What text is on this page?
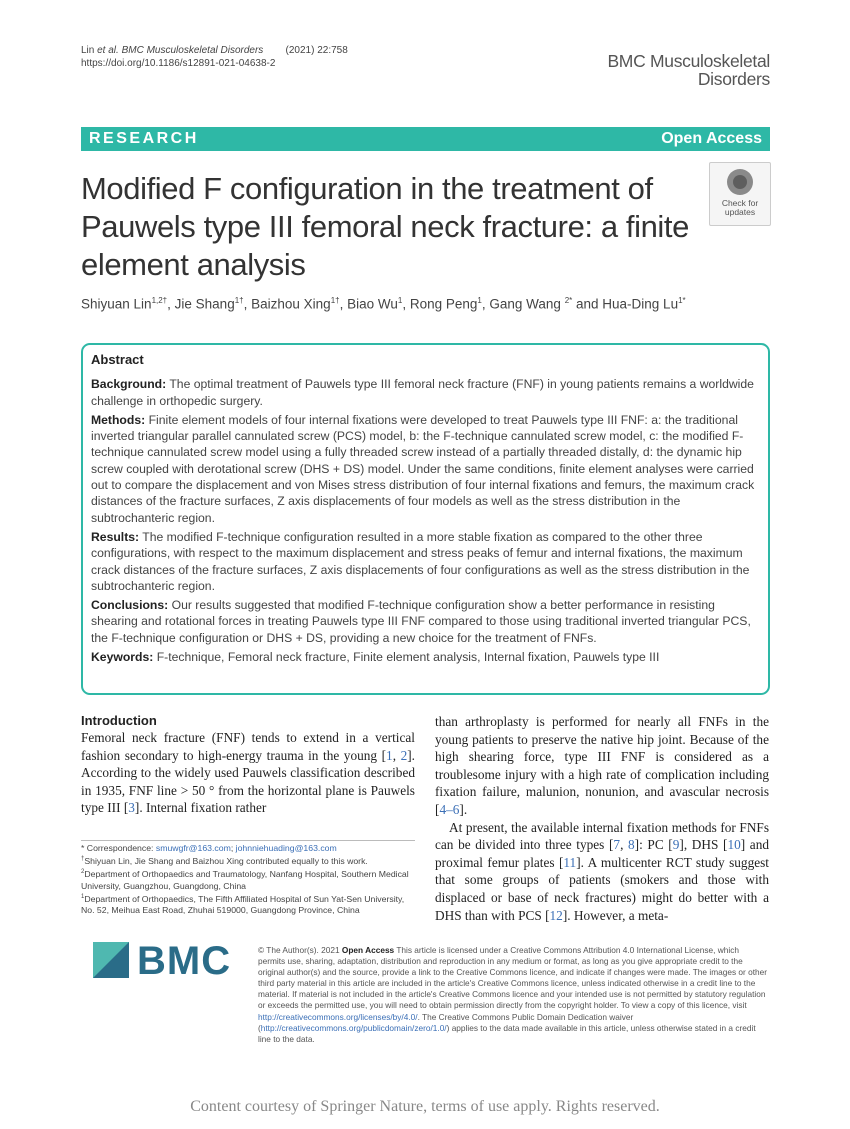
Lin et al. BMC Musculoskeletal Disorders (2021) 22:758
https://doi.org/10.1186/s12891-021-04638-2	BMC Musculoskeletal
Disorders
RESEARCH	Open Access
Modified F configuration in the treatment of Pauwels type III femoral neck fracture: a finite element analysis
Check for
updates
Shiyuan Lin$^{1,2\dagger}$, Jie Shang$^{1\dagger}$, Baizhou Xing$^{1\dagger}$, Biao Wu$^1$, Rong Peng$^1$, Gang Wang $^{2*}$ and Hua-Ding $Lu^{1*}$
Abstract

Background: The optimal treatment of Pauwels type III femoral neck fracture (FNF) in young patients remains a worldwide challenge in orthopedic surgery.

Methods: Finite element models of four internal fixations were developed to treat Pauwels type III FNF: a: the traditional inverted triangular parallel cannulated screw (PCS) model, b: the F-technique cannulated screw model, c: the modified F-technique cannulated screw model using a fully threaded screw instead of a partially threaded distally, d: the dynamic hip screw coupled with derotational screw (DHS + DS) model. Under the same conditions, finite element analyses were carried out to compare the displacement and von Mises stress distribution of four internal fixations and femurs, the maximum crack distances of the fracture surfaces, Z axis displacements of four models as well as the stress distribution in the subtrochanteric region.

Results: The modified F-technique configuration resulted in a more stable fixation as compared to the other three configurations, with respect to the maximum displacement and stress peaks of femur and internal fixations, the maximum crack distances of the fracture surfaces, Z axis displacements of four configurations as well as the stress distribution in the subtrochanteric region.

Conclusions: Our results suggested that modified F-technique configuration show a better performance in resisting shearing and rotational forces in treating Pauwels type III FNF compared to those using traditional inverted triangular PCS, the F-technique configuration or DHS + DS, providing a new choice for the treatment of FNFs.

Keywords: F-technique, Femoral neck fracture, Finite element analysis, Internal fixation, Pauwels type III

Introduction

Femoral neck fracture (FNF) tends to extend in a vertical fashion secondary to high-energy trauma in the young [1, 2]. According to the widely used Pauwels classification described in 1935, FNF line > 50 ° from the horizontal plane is Pauwels type III [3]. Internal fixation rather

than arthroplasty is performed for nearly all FNFs in the young patients to preserve the native hip joint. Because of the high shearing force, type III FNF is considered as a troublesome injury with a high rate of complication including fixation failure, malunion, nonunion, and avascular necrosis [4–6].

At present, the available internal fixation methods for FNFs can be divided into three types [7, 8]: PC [9], DHS [10] and proximal femur plates [11]. A multicenter RCT study suggest that some groups of patients (smokers and those with displaced or base of neck fractures) might do better with a DHS than with PCS [12]. However, a meta-

* Correspondence: smuwgfr@163.com; johnniehuading@163.com

†Shiyuan Lin, Jie Shang and Baizhou Xing contributed equally to this work.

$^2$Department of Orthopaedics and Traumatology, Nanfang Hospital, Southern Medical University, Guangzhou, Guangdong, China

$^1$Department of Orthopaedics, The Fifth Affiliated Hospital of Sun Yat-Sen University, No. 52, Meihua East Road, Zhuhai 519000, Guangdong Province, China

BMC	© The Author(s). 2021 Open Access This article is licensed under a Creative Commons Attribution 4.0 International License, which permits use, sharing, adaptation, distribution and reproduction in any medium or format, as long as you give appropriate credit to the original author(s) and the source, provide a link to the Creative Commons licence, and indicate if changes were made. The images or other third party material in this article are included in the article's Creative Commons licence, unless indicated otherwise in a credit line to the material. If material is not included in the article's Creative Commons licence and your intended use is not permitted by statutory regulation or exceeds the permitted use, you will need to obtain permission directly from the copyright holder. To view a copy of this licence, visit http://creativecommons.org/licenses/by/4.0/. The Creative Commons Public Domain Dedication waiver (http://creativecommons.org/publicdomain/zero/1.0/) applies to the data made available in this article, unless otherwise stated in a credit line to the data.
Content courtesy of Springer Nature, terms of use apply. Rights reserved.
